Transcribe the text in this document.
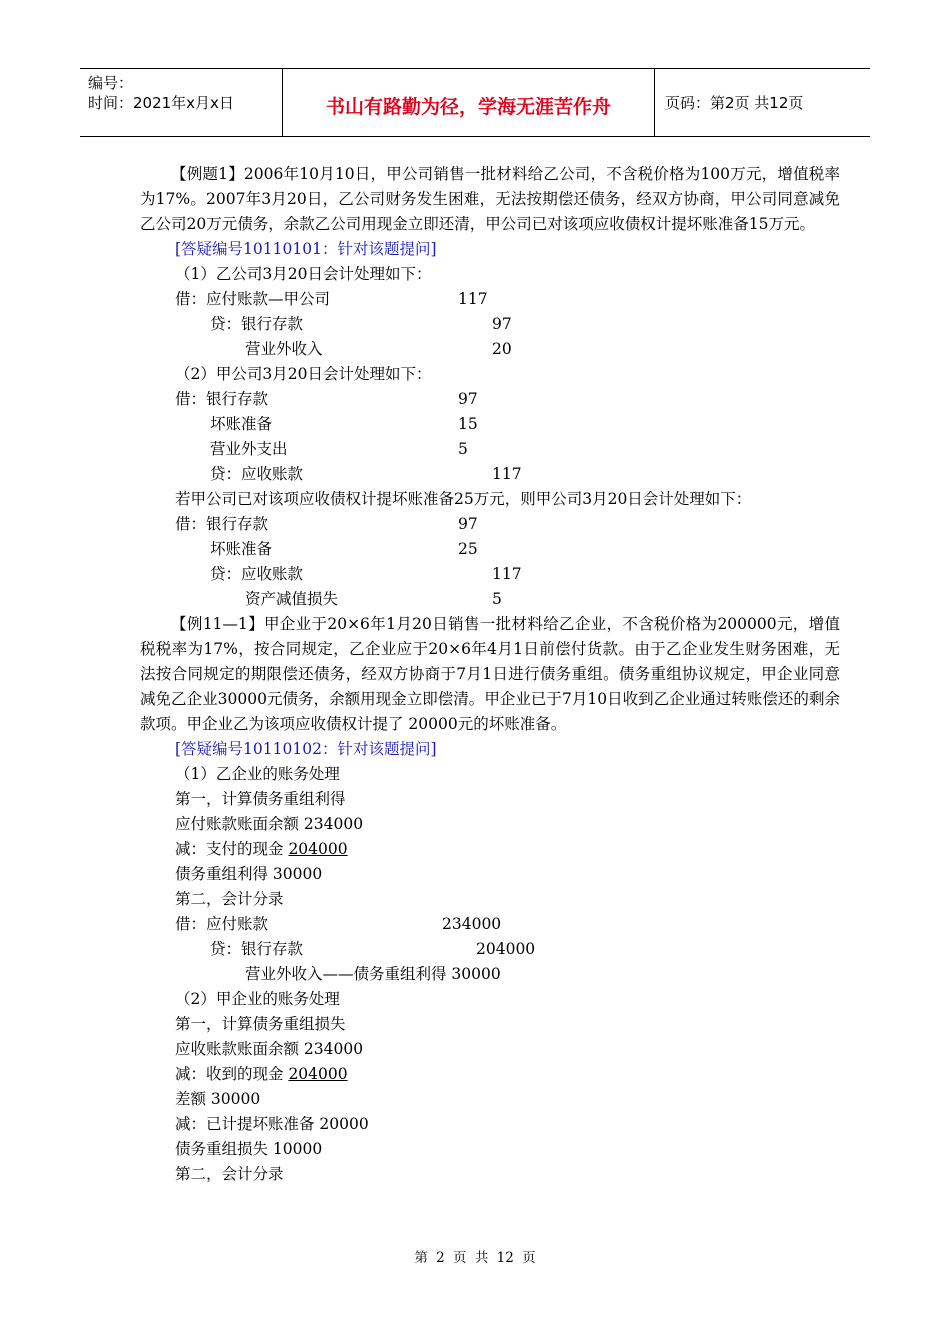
编号：
时间：2021年x月x日	书山有路勤为径，学海无涯苦作舟	页码：第2页 共12页
【例题1】2006年10月10日，甲公司销售一批材料给乙公司，不含税价格为100万元，增值税率为17%。2007年3月20日，乙公司财务发生困难，无法按期偿还债务，经双方协商，甲公司同意减免乙公司20万元债务，余款乙公司用现金立即还清，甲公司已对该项应收债权计提坏账准备15万元。
[答疑编号10110101：针对该题提问]
（1）乙公司3月20日会计处理如下：
借：应付账款—甲公司	117
贷：银行存款	97
营业外收入	20
（2）甲公司3月20日会计处理如下：
借：银行存款	97
坏账准备	15
营业外支出	5
贷：应收账款	117
若甲公司已对该项应收债权计提坏账准备25万元，则甲公司3月20日会计处理如下：
借：银行存款	97
坏账准备	25
贷：应收账款	117
资产减值损失	5
【例11—1】甲企业于20×6年1月20日销售一批材料给乙企业，不含税价格为200000元，增值税税率为17%，按合同规定，乙企业应于20×6年4月1日前偿付货款。由于乙企业发生财务困难，无法按合同规定的期限偿还债务，经双方协商于7月1日进行债务重组。债务重组协议规定，甲企业同意减免乙企业30000元债务，余额用现金立即偿清。甲企业已于7月10日收到乙企业通过转账偿还的剩余款项。甲企业乙为该项应收债权计提了 20000元的坏账准备。
[答疑编号10110102：针对该题提问]
（1）乙企业的账务处理
第一，计算债务重组利得
应付账款账面余额 234000
减：支付的现金 204000
债务重组利得 30000
第二，会计分录
借：应付账款	234000
贷：银行存款	204000
营业外收入——债务重组利得 30000
（2）甲企业的账务处理
第一，计算债务重组损失
应收账款账面余额 234000
减：收到的现金 204000
差额 30000
减：已计提坏账准备 20000
债务重组损失 10000
第二，会计分录
第 2 页 共 12 页
